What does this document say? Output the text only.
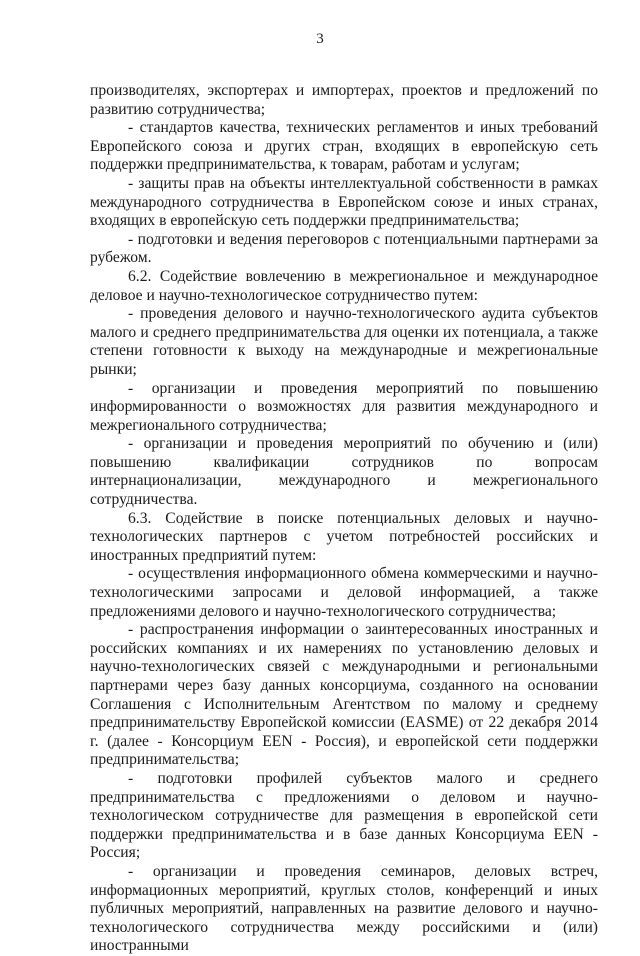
3

производителях, экспортерах и импортерах, проектов и предложений по развитию сотрудничества;

- стандартов качества, технических регламентов и иных требований Европейского союза и других стран, входящих в европейскую сеть поддержки предпринимательства, к товарам, работам и услугам;

- защиты прав на объекты интеллектуальной собственности в рамках международного сотрудничества в Европейском союзе и иных странах, входящих в европейскую сеть поддержки предпринимательства;

- подготовки и ведения переговоров с потенциальными партнерами за рубежом.

6.2. Содействие вовлечению в межрегиональное и международное деловое и научно-технологическое сотрудничество путем:

- проведения делового и научно-технологического аудита субъектов малого и среднего предпринимательства для оценки их потенциала, а также степени готовности к выходу на международные и межрегиональные рынки;

- организации и проведения мероприятий по повышению информированности о возможностях для развития международного и межрегионального сотрудничества;

- организации и проведения мероприятий по обучению и (или) повышению квалификации сотрудников по вопросам интернационализации, международного и межрегионального сотрудничества.

6.3. Содействие в поиске потенциальных деловых и научно-технологических партнеров с учетом потребностей российских и иностранных предприятий путем:

- осуществления информационного обмена коммерческими и научно-технологическими запросами и деловой информацией, а также предложениями делового и научно-технологического сотрудничества;

- распространения информации о заинтересованных иностранных и российских компаниях и их намерениях по установлению деловых и научно-технологических связей с международными и региональными партнерами через базу данных консорциума, созданного на основании Соглашения с Исполнительным Агентством по малому и среднему предпринимательству Европейской комиссии (EASME) от 22 декабря 2014 г. (далее - Консорциум EEN - Россия), и европейской сети поддержки предпринимательства;

- подготовки профилей субъектов малого и среднего предпринимательства с предложениями о деловом и научно-технологическом сотрудничестве для размещения в европейской сети поддержки предпринимательства и в базе данных Консорциума EEN - Россия;

- организации и проведения семинаров, деловых встреч, информационных мероприятий, круглых столов, конференций и иных публичных мероприятий, направленных на развитие делового и научно-технологического сотрудничества между российскими и (или) иностранными
